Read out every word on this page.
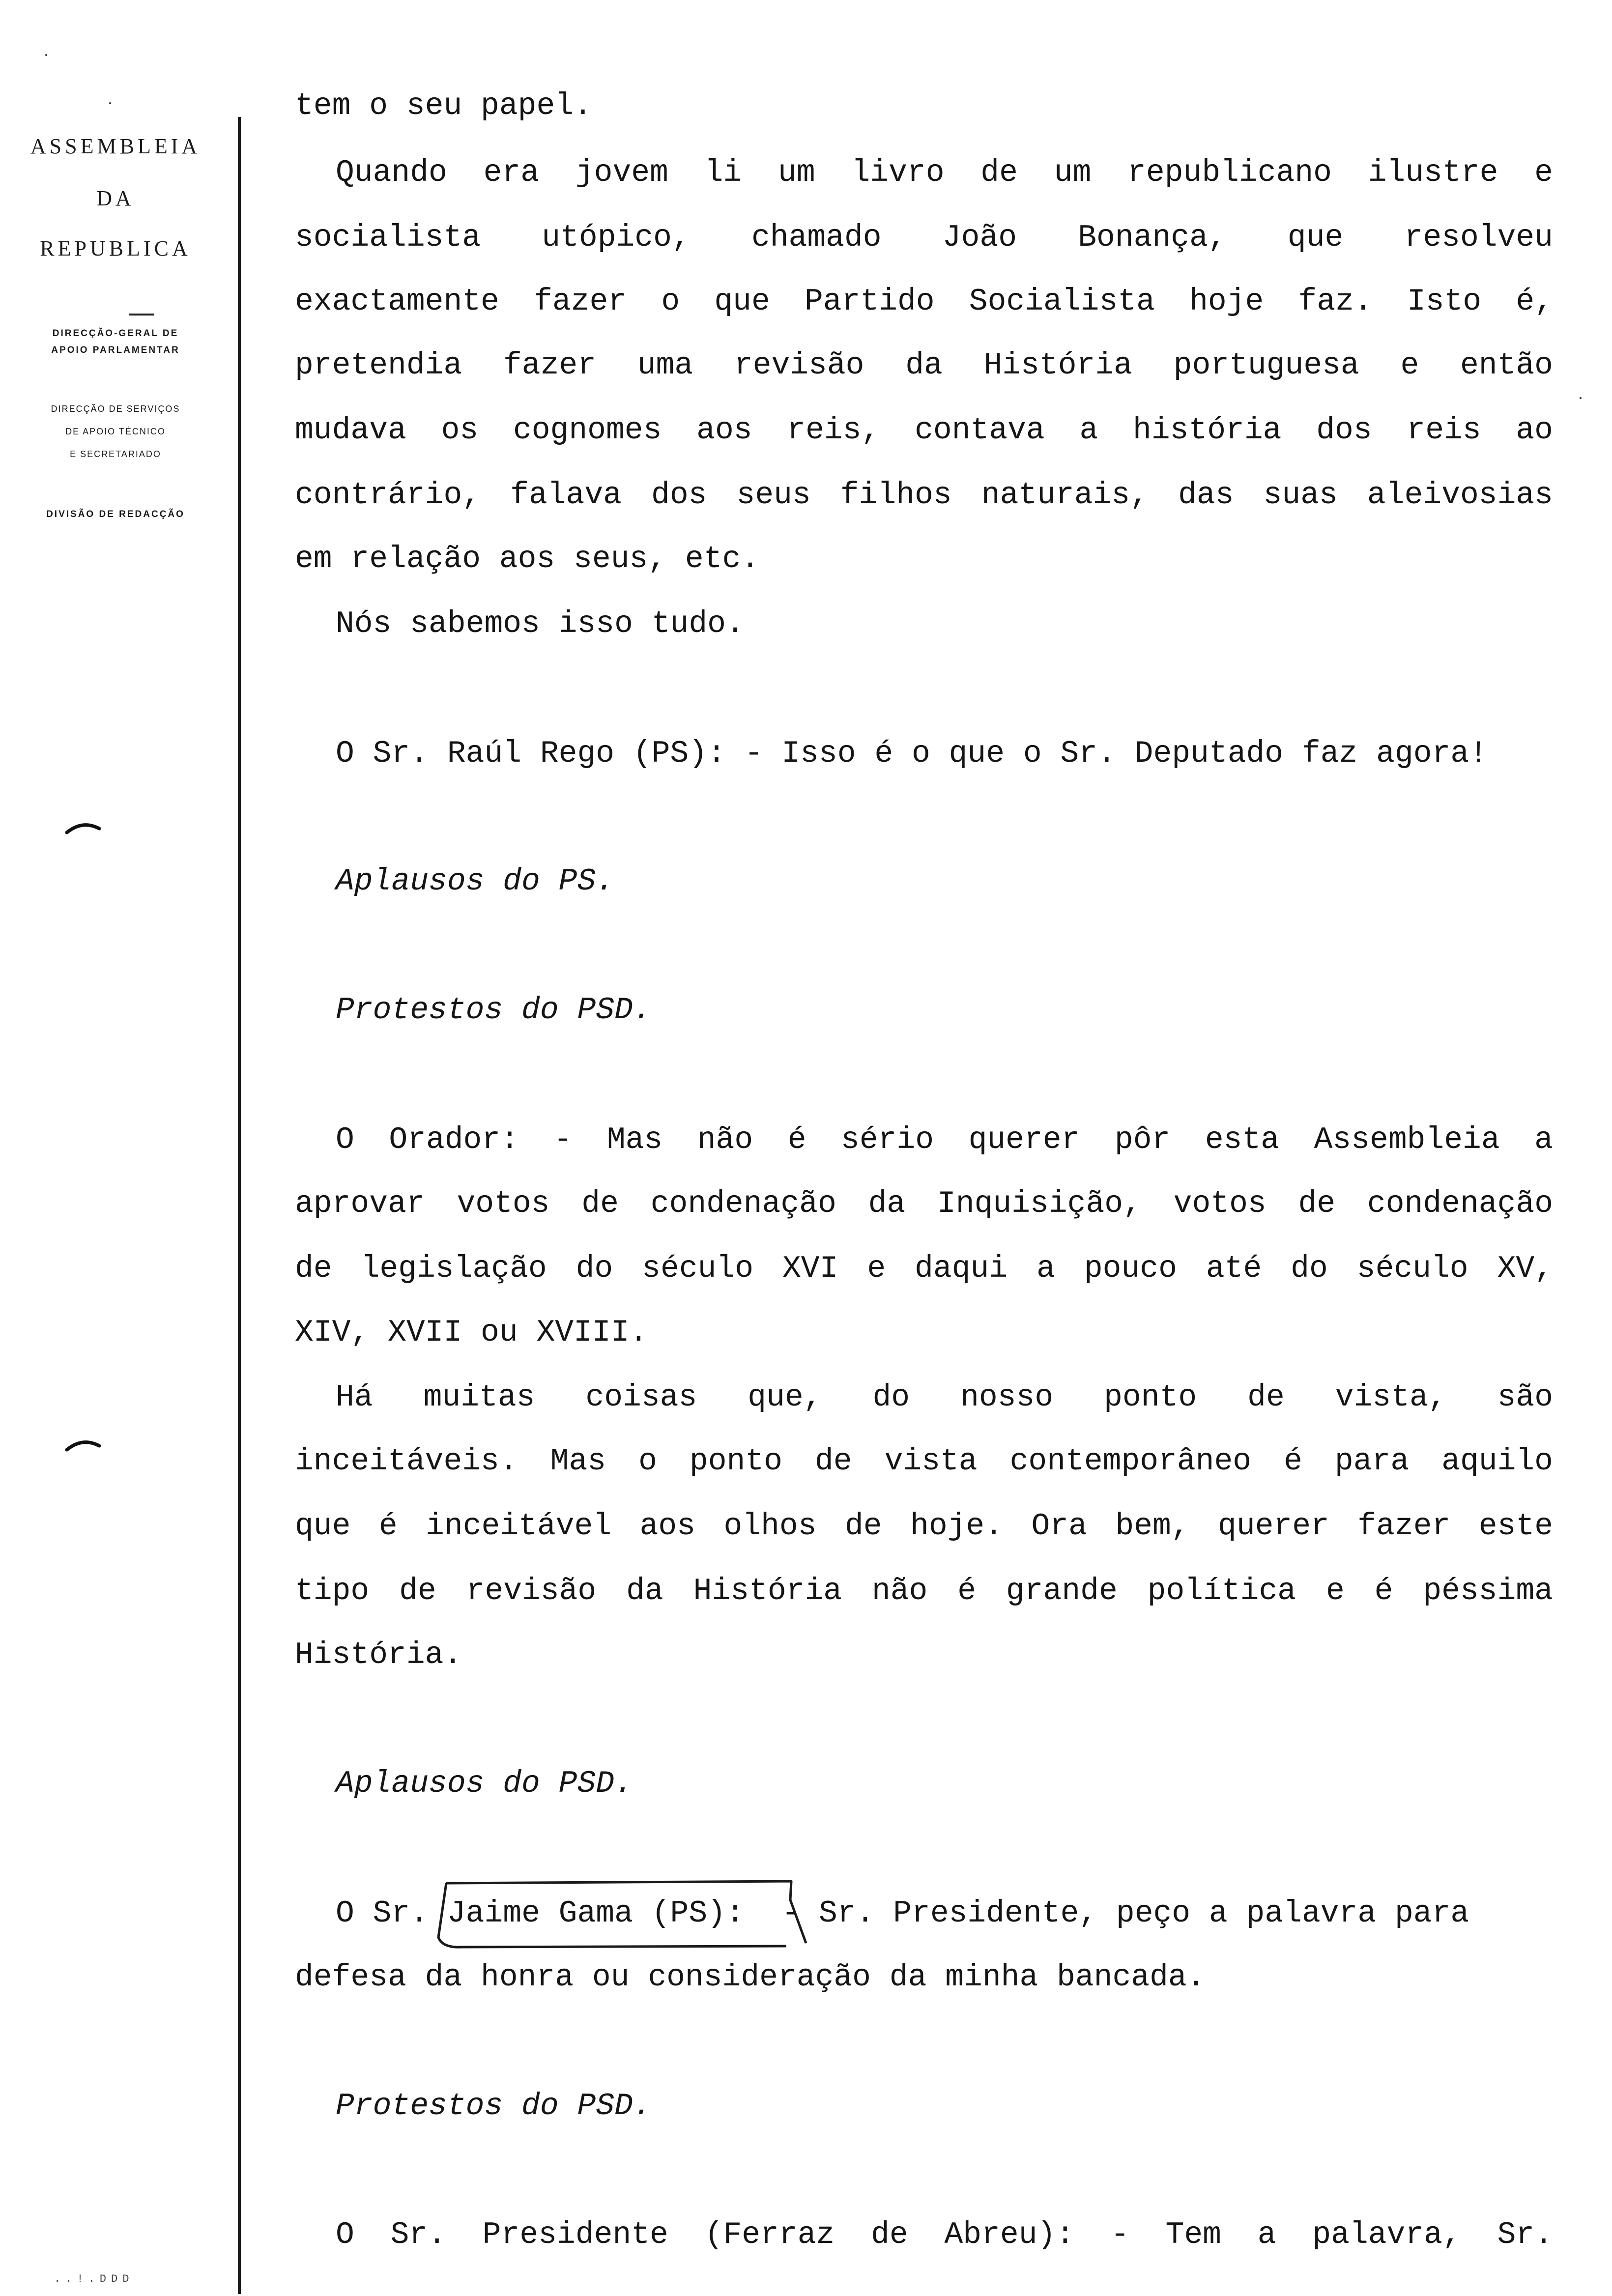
ASSEMBLEIA
DA
REPUBLICA
DIRECÇÃO-GERAL DE
APOIO PARLAMENTAR
DIRECÇÃO DE SERVIÇOS
DE APOIO TÉCNICO
E SECRETARIADO
DIVISÃO DE REDACÇÃO
..!.DDD
tem o seu papel.
Quando era jovem li um livro de um republicano ilustre e
socialista utópico, chamado João Bonança, que resolveu
exactamente fazer o que Partido Socialista hoje faz. Isto é,
pretendia fazer uma revisão da História portuguesa e então
mudava os cognomes aos reis, contava a história dos reis ao
contrário, falava dos seus filhos naturais, das suas aleivosias
em relação aos seus, etc.
Nós sabemos isso tudo.
O Sr. Raúl Rego (PS): - Isso é o que o Sr. Deputado faz agora!
Aplausos do PS.
Protestos do PSD.
O Orador: - Mas não é sério querer pôr esta Assembleia a
aprovar votos de condenação da Inquisição, votos de condenação
de legislação do século XVI e daqui a pouco até do século XV,
XIV, XVII ou XVIII.
Há muitas coisas que, do nosso ponto de vista, são
inceitáveis. Mas o ponto de vista contemporâneo é para aquilo
que é inceitável aos olhos de hoje. Ora bem, querer fazer este
tipo de revisão da História não é grande política e é péssima
História.
Aplausos do PSD.
O Sr. Jaime Gama (PS): - Sr. Presidente, peço a palavra para
defesa da honra ou consideração da minha bancada.
Protestos do PSD.
O Sr. Presidente (Ferraz de Abreu): - Tem a palavra, Sr.
